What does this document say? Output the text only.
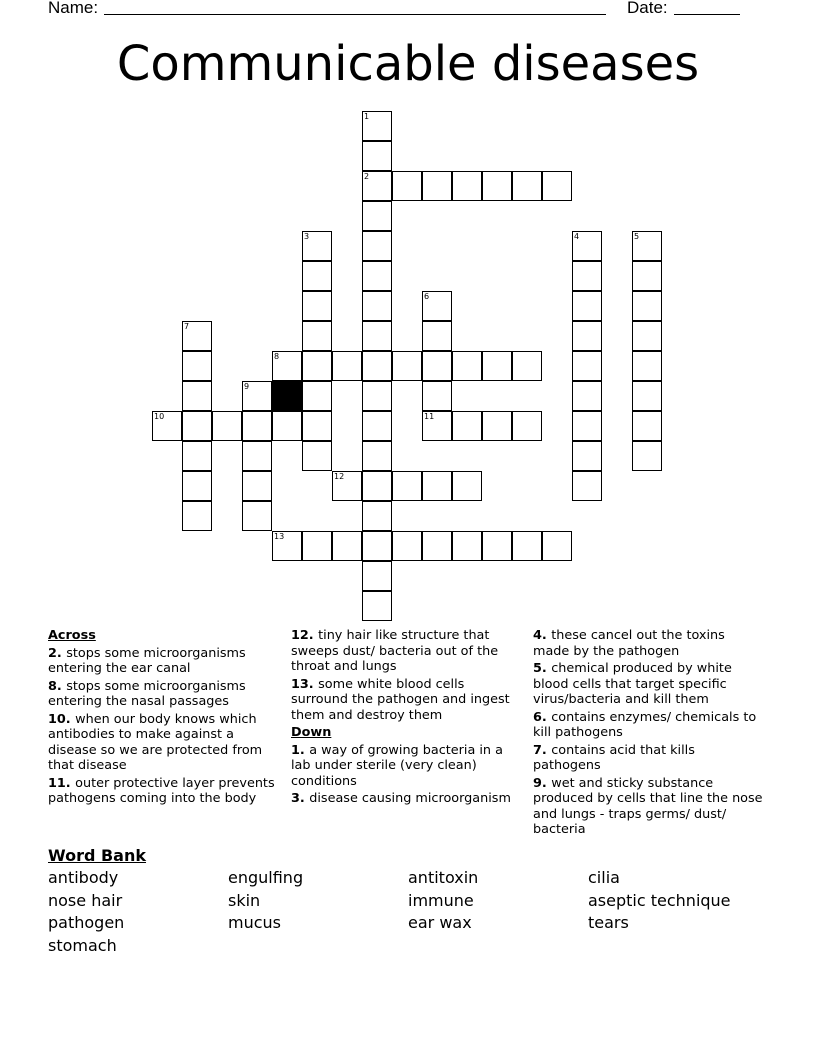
Name:	Date:
Communicable diseases
1
2
3	4	5
6
7
8
9
10	11
12
13
Across
2. stops some microorganisms entering the ear canal
8. stops some microorganisms entering the nasal passages
10. when our body knows which antibodies to make against a disease so we are protected from that disease
11. outer protective layer prevents pathogens coming into the body
12. tiny hair like structure that sweeps dust/ bacteria out of the throat and lungs
13. some white blood cells surround the pathogen and ingest them and destroy them
Down
1. a way of growing bacteria in a lab under sterile (very clean) conditions
3. disease causing microorganism
4. these cancel out the toxins made by the pathogen
5. chemical produced by white blood cells that target specific virus/bacteria and kill them
6. contains enzymes/ chemicals to kill pathogens
7. contains acid that kills pathogens
9. wet and sticky substance produced by cells that line the nose and lungs - traps germs/ dust/ bacteria
Word Bank
antibody	engulfing	antitoxin	cilia
nose hair	skin	immune	aseptic technique
pathogen	mucus	ear wax	tears
stomach
